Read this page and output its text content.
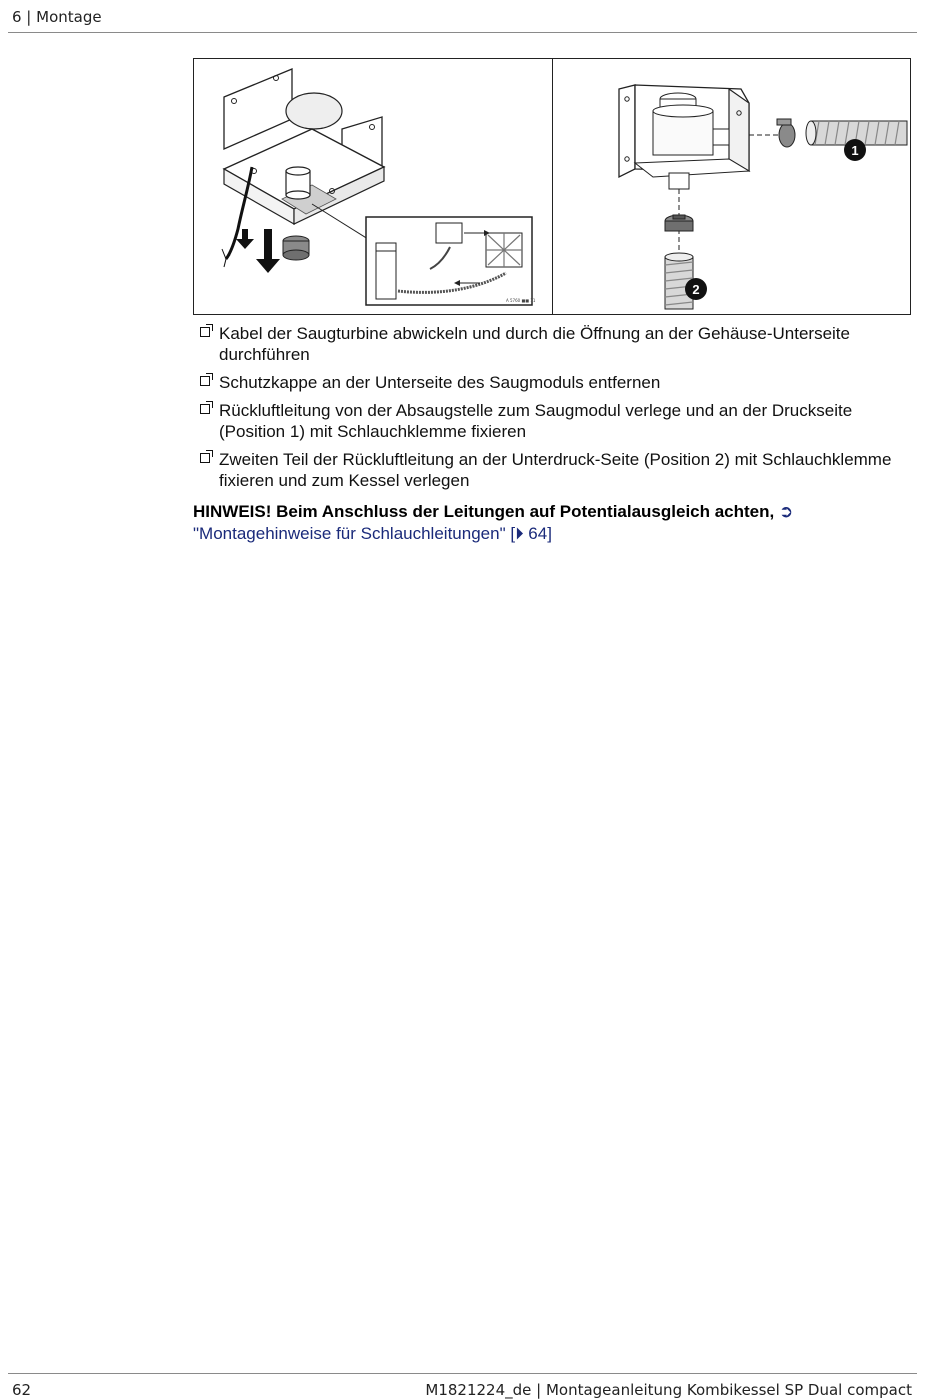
6 | Montage
A 5760 ■■ 11
1
2
Kabel der Saugturbine abwickeln und durch die Öffnung an der Gehäuse-Unterseite durchführen
Schutzkappe an der Unterseite des Saugmoduls entfernen
Rückluftleitung von der Absaugstelle zum Saugmodul verlege und an der Druckseite (Position 1) mit Schlauchklemme fixieren
Zweiten Teil der Rückluftleitung an der Unterdruck-Seite (Position 2) mit Schlauchklemme fixieren und zum Kessel verlegen
HINWEIS! Beim Anschluss der Leitungen auf Potentialausgleich achten, ➲
"Montagehinweise für Schlauchleitungen" [⏵ 64]
62	M1821224_de | Montageanleitung Kombikessel SP Dual compact
